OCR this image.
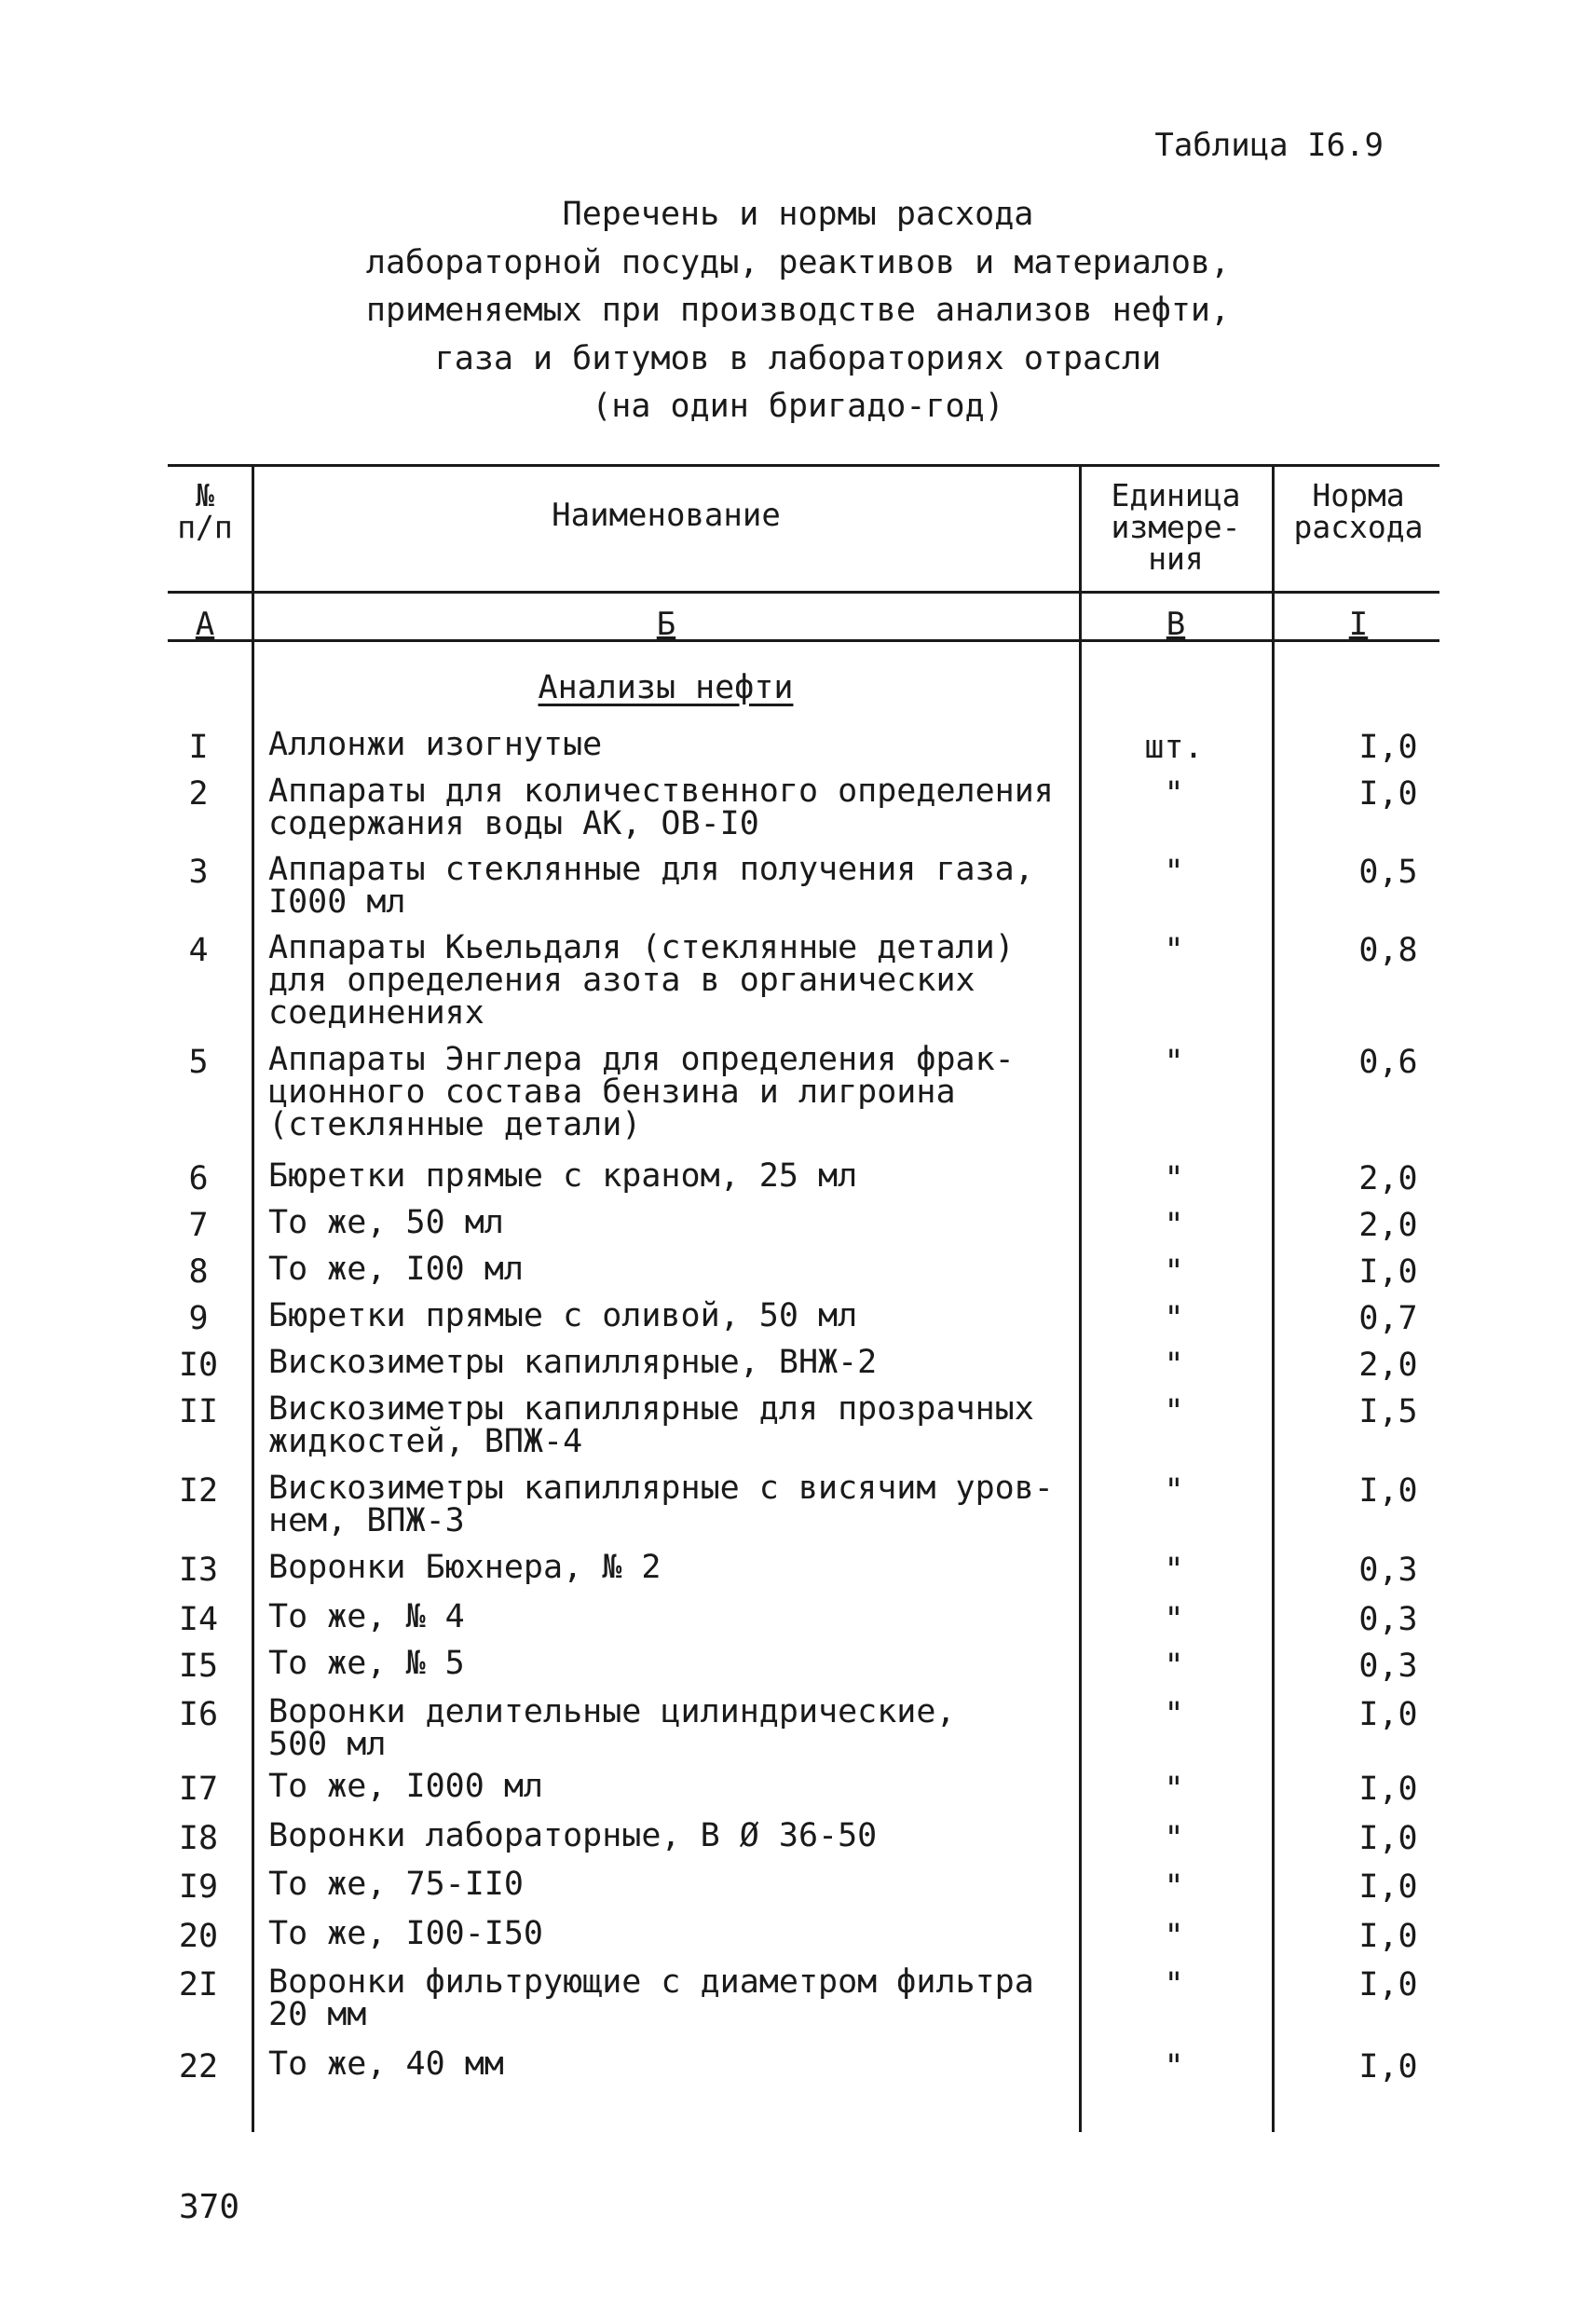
Таблица I6.9
Перечень и нормы расхода
лабораторной посуды, реактивов и материалов,
применяемых при производстве анализов нефти,
газа и битумов в лабораториях отрасли
(на один бригадо-год)
№
п/п	Наименование
Единица
измере-
ния
Норма
расхода
А	Б	В	I
Анализы нефти
I	Аллонжи изогнутые	шт.	I,0
2	Аппараты для количественного определения
содержания воды АК, ОВ-I0
"	I,0
3	Аппараты стеклянные для получения газа,
I000 мл
"	0,5
4	Аппараты Кьельдаля (стеклянные детали)
для определения азота в органических
соединениях
"	0,8
5	Аппараты Энглера для определения фрак-
ционного состава бензина и лигроина
(стеклянные детали)
"	0,6
6	Бюретки прямые с краном, 25 мл	"	2,0
7	То же, 50 мл	"	2,0
8	То же, I00 мл	"	I,0
9	Бюретки прямые с оливой, 50 мл	"	0,7
I0	Вискозиметры капиллярные, ВНЖ-2	"	2,0
II	Вискозиметры капиллярные для прозрачных
жидкостей, ВПЖ-4
"	I,5
I2	Вискозиметры капиллярные с висячим уров-
нем, ВПЖ-3
"	I,0
I3	Воронки Бюхнера, № 2	"	0,3
I4	То же, № 4	"	0,3
I5	То же, № 5	"	0,3
I6	Воронки делительные цилиндрические,
500 мл
"	I,0
I7	То же, I000 мл	"	I,0
I8	Воронки лабораторные, В Ø 36-50	"	I,0
I9	То же, 75-II0	"	I,0
20	То же, I00-I50	"	I,0
2I	Воронки фильтрующие с диаметром фильтра
20 мм
"	I,0
22	То же, 40 мм	"	I,0
370
